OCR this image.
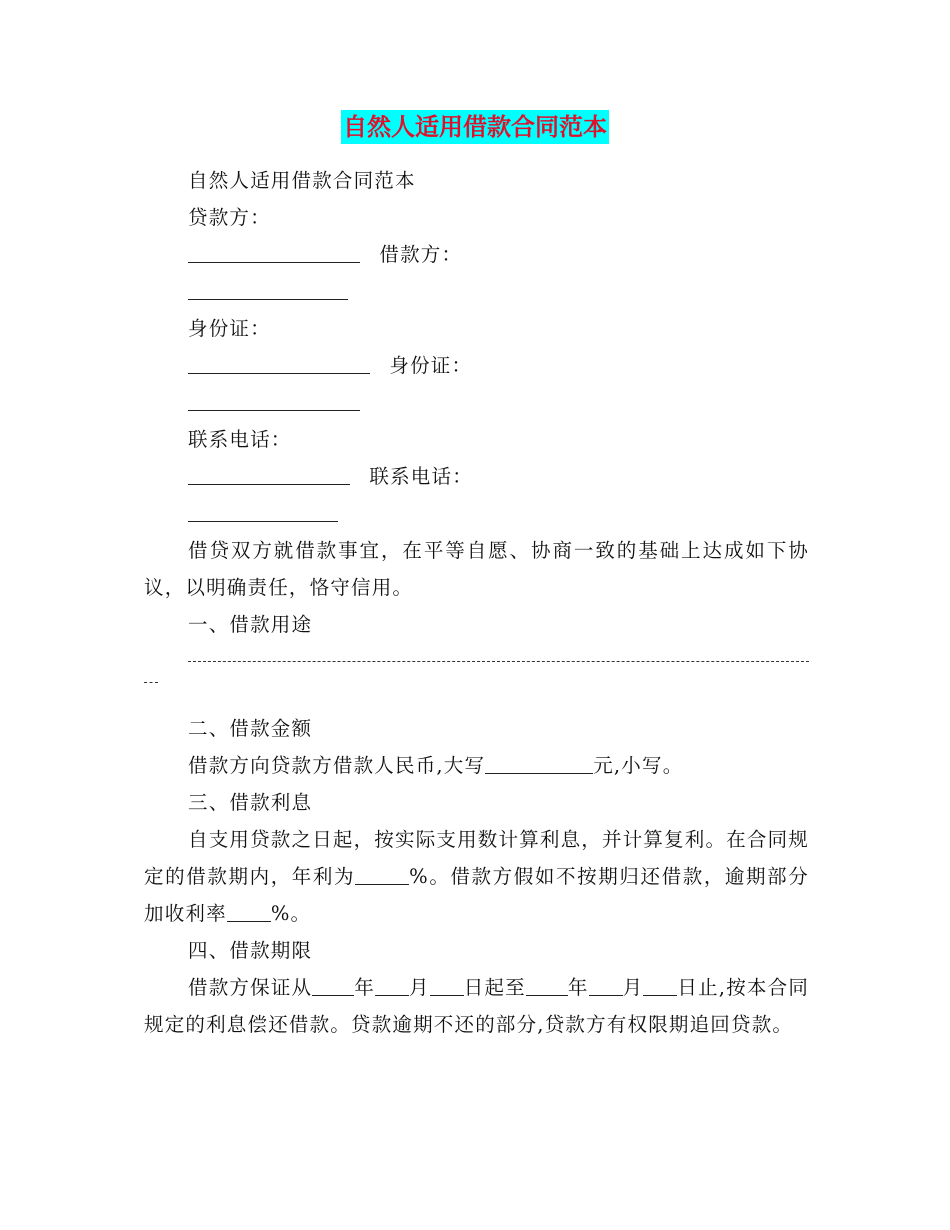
自然人适用借款合同范本
自然人适用借款合同范本
贷款方：
借款方：
身份证：
身份证：
联系电话：
联系电话：
借贷双方就借款事宜，在平等自愿、协商一致的基础上达成如下协议，以明确责任，恪守信用。
一、借款用途
二、借款金额
借款方向贷款方借款人民币,大写	元,小写。
三、借款利息
自支用贷款之日起，按实际支用数计算利息，并计算复利。在合同规定的借款期内，年利为	%。借款方假如不按期归还借款，逾期部分加收利率 %。
四、借款期限
借款方保证从 年 月 日起至 年 月 日止,按本合同规定的利息偿还借款。贷款逾期不还的部分,贷款方有权限期追回贷款。
